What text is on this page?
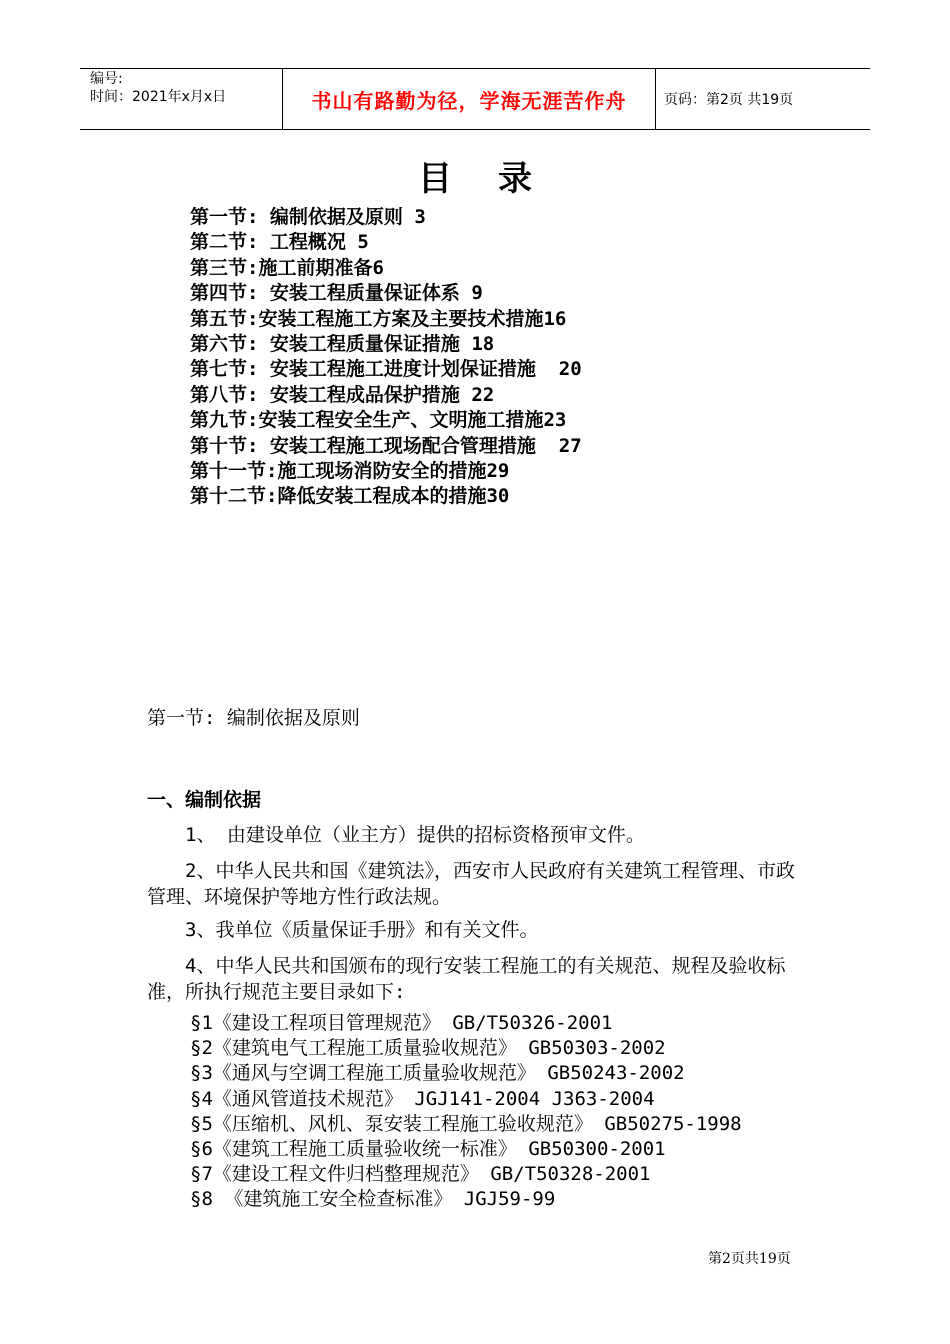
编号:
时间：2021年x月x日	书山有路勤为径，学海无涯苦作舟	页码：第2页 共19页
目录
第一节: 编制依据及原则 3
第二节: 工程概况 5
第三节:施工前期准备6
第四节: 安装工程质量保证体系 9
第五节:安装工程施工方案及主要技术措施16
第六节: 安装工程质量保证措施 18
第七节: 安装工程施工进度计划保证措施  20
第八节: 安装工程成品保护措施 22
第九节:安装工程安全生产、文明施工措施23
第十节: 安装工程施工现场配合管理措施  27
第十一节:施工现场消防安全的措施29
第十二节:降低安装工程成本的措施30
第一节: 编制依据及原则
一、编制依据

1、 由建设单位（业主方）提供的招标资格预审文件。

2、中华人民共和国《建筑法》，西安市人民政府有关建筑工程管理、市政管理、环境保护等地方性行政法规。

3、我单位《质量保证手册》和有关文件。

4、中华人民共和国颁布的现行安装工程施工的有关规范、规程及验收标准，所执行规范主要目录如下:

§1《建设工程项目管理规范》 GB/T50326-2001
§2《建筑电气工程施工质量验收规范》 GB50303-2002
§3《通风与空调工程施工质量验收规范》 GB50243-2002
§4《通风管道技术规范》 JGJ141-2004 J363-2004
§5《压缩机、风机、泵安装工程施工验收规范》 GB50275-1998
§6《建筑工程施工质量验收统一标准》 GB50300-2001
§7《建设工程文件归档整理规范》 GB/T50328-2001
§8 《建筑施工安全检查标准》 JGJ59-99
第2页共19页
